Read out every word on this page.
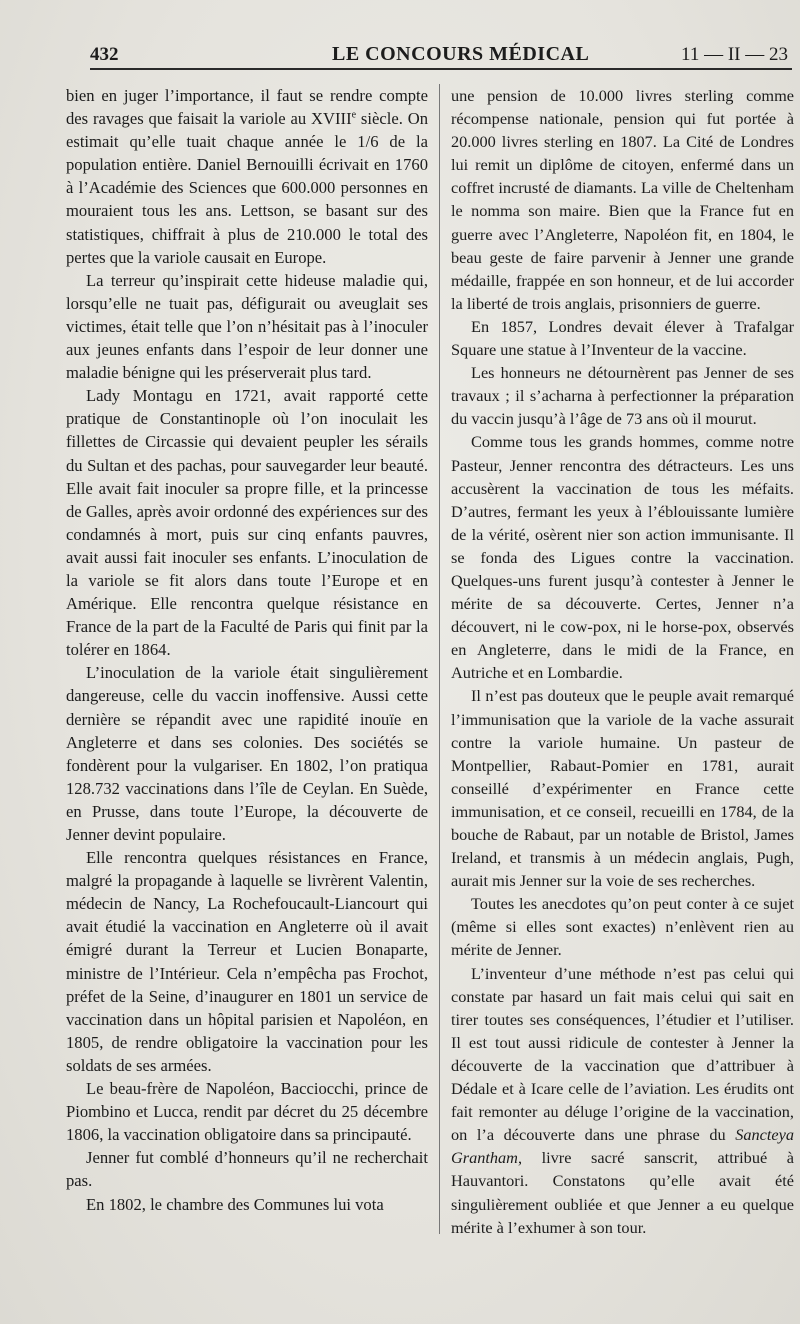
432	LE CONCOURS MÉDICAL	11 — II — 23

bien en juger l’importance, il faut se rendre compte des ravages que faisait la variole au XVIIIe siècle. On estimait qu’elle tuait chaque année le 1/6 de la population entière. Daniel Bernouilli écrivait en 1760 à l’Académie des Sciences que 600.000 personnes en mouraient tous les ans. Lettson, se basant sur des statistiques, chiffrait à plus de 210.000 le total des pertes que la variole causait en Europe.

La terreur qu’inspirait cette hideuse maladie qui, lorsqu’elle ne tuait pas, défigurait ou aveuglait ses victimes, était telle que l’on n’hésitait pas à l’inoculer aux jeunes enfants dans l’espoir de leur donner une maladie bénigne qui les préserverait plus tard.

Lady Montagu en 1721, avait rapporté cette pratique de Constantinople où l’on inoculait les fillettes de Circassie qui devaient peupler les sérails du Sultan et des pachas, pour sauvegarder leur beauté. Elle avait fait inoculer sa propre fille, et la princesse de Galles, après avoir ordonné des expériences sur des condamnés à mort, puis sur cinq enfants pauvres, avait aussi fait inoculer ses enfants. L’inoculation de la variole se fit alors dans toute l’Europe et en Amérique. Elle rencontra quelque résistance en France de la part de la Faculté de Paris qui finit par la tolérer en 1864.

L’inoculation de la variole était singulièrement dangereuse, celle du vaccin inoffensive. Aussi cette dernière se répandit avec une rapidité inouïe en Angleterre et dans ses colonies. Des sociétés se fondèrent pour la vulgariser. En 1802, l’on pratiqua 128.732 vaccinations dans l’île de Ceylan. En Suède, en Prusse, dans toute l’Europe, la découverte de Jenner devint populaire.

Elle rencontra quelques résistances en France, malgré la propagande à laquelle se livrèrent Valentin, médecin de Nancy, La Rochefoucault-Liancourt qui avait étudié la vaccination en Angleterre où il avait émigré durant la Terreur et Lucien Bonaparte, ministre de l’Intérieur. Cela n’empêcha pas Frochot, préfet de la Seine, d’inaugurer en 1801 un service de vaccination dans un hôpital parisien et Napoléon, en 1805, de rendre obligatoire la vaccination pour les soldats de ses armées.

Le beau-frère de Napoléon, Bacciocchi, prince de Piombino et Lucca, rendit par décret du 25 décembre 1806, la vaccination obligatoire dans sa principauté.

Jenner fut comblé d’honneurs qu’il ne recherchait pas.

En 1802, le chambre des Communes lui vota

une pension de 10.000 livres sterling comme récompense nationale, pension qui fut portée à 20.000 livres sterling en 1807. La Cité de Londres lui remit un diplôme de citoyen, enfermé dans un coffret incrusté de diamants. La ville de Cheltenham le nomma son maire. Bien que la France fut en guerre avec l’Angleterre, Napoléon fit, en 1804, le beau geste de faire parvenir à Jenner une grande médaille, frappée en son honneur, et de lui accorder la liberté de trois anglais, prisonniers de guerre.

En 1857, Londres devait élever à Trafalgar Square une statue à l’Inventeur de la vaccine.

Les honneurs ne détournèrent pas Jenner de ses travaux ; il s’acharna à perfectionner la préparation du vaccin jusqu’à l’âge de 73 ans où il mourut.

Comme tous les grands hommes, comme notre Pasteur, Jenner rencontra des détracteurs. Les uns accusèrent la vaccination de tous les méfaits. D’autres, fermant les yeux à l’éblouissante lumière de la vérité, osèrent nier son action immunisante. Il se fonda des Ligues contre la vaccination. Quelques-uns furent jusqu’à contester à Jenner le mérite de sa découverte. Certes, Jenner n’a découvert, ni le cow-pox, ni le horse-pox, observés en Angleterre, dans le midi de la France, en Autriche et en Lombardie.

Il n’est pas douteux que le peuple avait remarqué l’immunisation que la variole de la vache assurait contre la variole humaine. Un pasteur de Montpellier, Rabaut-Pomier en 1781, aurait conseillé d’expérimenter en France cette immunisation, et ce conseil, recueilli en 1784, de la bouche de Rabaut, par un notable de Bristol, James Ireland, et transmis à un médecin anglais, Pugh, aurait mis Jenner sur la voie de ses recherches.

Toutes les anecdotes qu’on peut conter à ce sujet (même si elles sont exactes) n’enlèvent rien au mérite de Jenner.

L’inventeur d’une méthode n’est pas celui qui constate par hasard un fait mais celui qui sait en tirer toutes ses conséquences, l’étudier et l’utiliser. Il est tout aussi ridicule de contester à Jenner la découverte de la vaccination que d’attribuer à Dédale et à Icare celle de l’aviation. Les érudits ont fait remonter au déluge l’origine de la vaccination, on l’a découverte dans une phrase du Sancteya Grantham, livre sacré sanscrit, attribué à Hauvantori. Constatons qu’elle avait été singulièrement oubliée et que Jenner a eu quelque mérite à l’exhumer à son tour.
